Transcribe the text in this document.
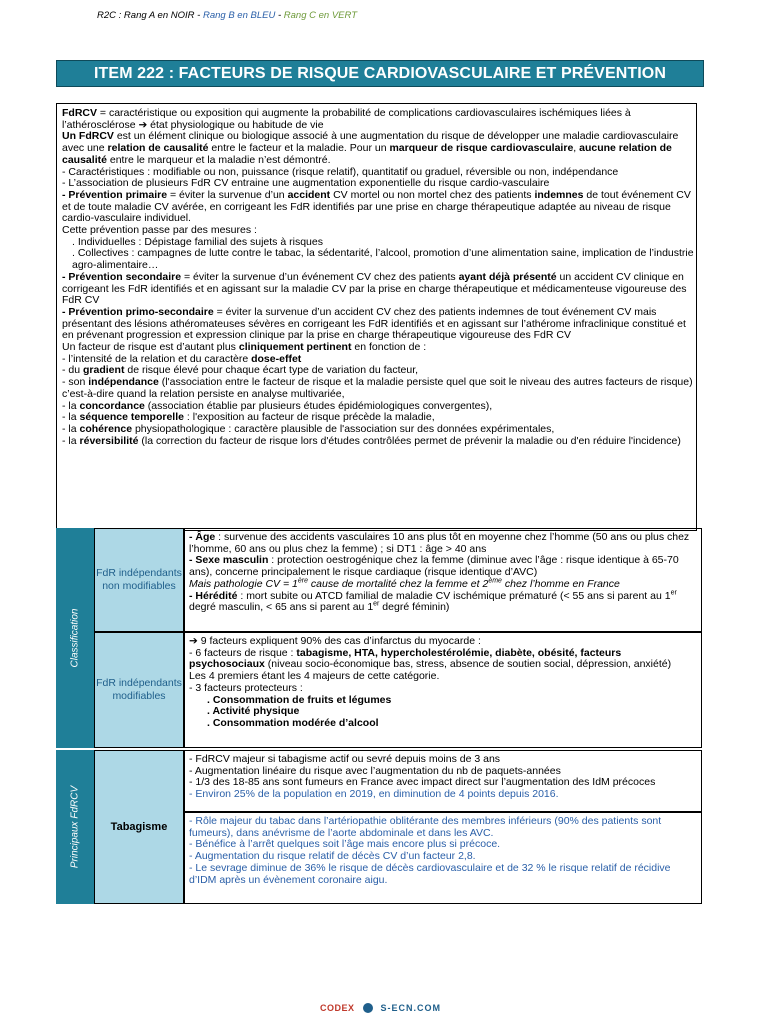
R2C : Rang A en NOIR - Rang B en BLEU - Rang C en VERT
ITEM 222 : FACTEURS DE RISQUE CARDIOVASCULAIRE ET PRÉVENTION

FdRCV = caractéristique ou exposition qui augmente la probabilité de complications cardiovasculaires ischémiques liées à l’athérosclérose ➔ état physiologique ou habitude de vie

Un FdRCV est un élément clinique ou biologique associé à une augmentation du risque de développer une maladie cardiovasculaire avec une relation de causalité entre le facteur et la maladie. Pour un marqueur de risque cardiovasculaire, aucune relation de causalité entre le marqueur et la maladie n’est démontré.

- Caractéristiques : modifiable ou non, puissance (risque relatif), quantitatif ou graduel, réversible ou non, indépendance

- L’association de plusieurs FdR CV entraine une augmentation exponentielle du risque cardio-vasculaire

- Prévention primaire = éviter la survenue d’un accident CV mortel ou non mortel chez des patients indemnes de tout événement CV et de toute maladie CV avérée, en corrigeant les FdR identifiés par une prise en charge thérapeutique adaptée au niveau de risque cardio-vasculaire individuel.

Cette prévention passe par des mesures :

. Individuelles : Dépistage familial des sujets à risques

. Collectives : campagnes de lutte contre le tabac, la sédentarité, l’alcool, promotion d’une alimentation saine, implication de l’industrie agro-alimentaire…

- Prévention secondaire = éviter la survenue d’un événement CV chez des patients ayant déjà présenté un accident CV clinique en corrigeant les FdR identifiés et en agissant sur la maladie CV par la prise en charge thérapeutique et médicamenteuse vigoureuse des FdR CV

- Prévention primo-secondaire = éviter la survenue d’un accident CV chez des patients indemnes de tout événement CV mais présentant des lésions athéromateuses sévères en corrigeant les FdR identifiés et en agissant sur l’athérome infraclinique constitué et en prévenant progression et expression clinique par la prise en charge thérapeutique vigoureuse des FdR CV

Un facteur de risque est d’autant plus cliniquement pertinent en fonction de :

- l’intensité de la relation et du caractère dose-effet

- du gradient de risque élevé pour chaque écart type de variation du facteur,

- son indépendance (l'association entre le facteur de risque et la maladie persiste quel que soit le niveau des autres facteurs de risque) c’est-à-dire quand la relation persiste en analyse multivariée,

- la concordance (association établie par plusieurs études épidémiologiques convergentes),

- la séquence temporelle : l'exposition au facteur de risque précède la maladie,

- la cohérence physiopathologique : caractère plausible de l'association sur des données expérimentales,

- la réversibilité (la correction du facteur de risque lors d'études contrôlées permet de prévenir la maladie ou d'en réduire l'incidence)

Classification
Principaux FdRCV
FdR indépendants non modifiables
- Âge : survenue des accidents vasculaires 10 ans plus tôt en moyenne chez l’homme (50 ans ou plus chez l’homme, 60 ans ou plus chez la femme) ; si DT1 : âge > 40 ans
- Sexe masculin : protection oestrogénique chez la femme (diminue avec l’âge : risque identique à 65-70 ans), concerne principalement le risque cardiaque (risque identique d’AVC)
Mais pathologie CV = 1ère cause de mortalité chez la femme et 2ème chez l’homme en France
- Hérédité : mort subite ou ATCD familial de maladie CV ischémique prématuré (< 55 ans si parent au 1er degré masculin, < 65 ans si parent au 1er degré féminin)
FdR indépendants modifiables
➔ 9 facteurs expliquent 90% des cas d’infarctus du myocarde :
- 6 facteurs de risque : tabagisme, HTA, hypercholestérolémie, diabète, obésité, facteurs psychosociaux (niveau socio-économique bas, stress, absence de soutien social, dépression, anxiété)
Les 4 premiers étant les 4 majeurs de cette catégorie.
- 3 facteurs protecteurs :
. Consommation de fruits et légumes
. Activité physique
. Consommation modérée d’alcool
Tabagisme
- FdRCV majeur si tabagisme actif ou sevré depuis moins de 3 ans
- Augmentation linéaire du risque avec l’augmentation du nb de paquets-années
- 1/3 des 18-85 ans sont fumeurs en France avec impact direct sur l’augmentation des IdM précoces
- Environ 25% de la population en 2019, en diminution de 4 points depuis 2016.
- Rôle majeur du tabac dans l’artériopathie oblitérante des membres inférieurs (90% des patients sont fumeurs), dans anévrisme de l’aorte abdominale et dans les AVC.
- Bénéfice à l’arrêt quelques soit l’âge mais encore plus si précoce.
- Augmentation du risque relatif de décès CV d’un facteur 2,8.
- Le sevrage diminue de 36% le risque de décès cardiovasculaire et de 32 % le risque relatif de récidive d’IDM après un évènement coronaire aigu.
CODEX	S-ECN.COM
